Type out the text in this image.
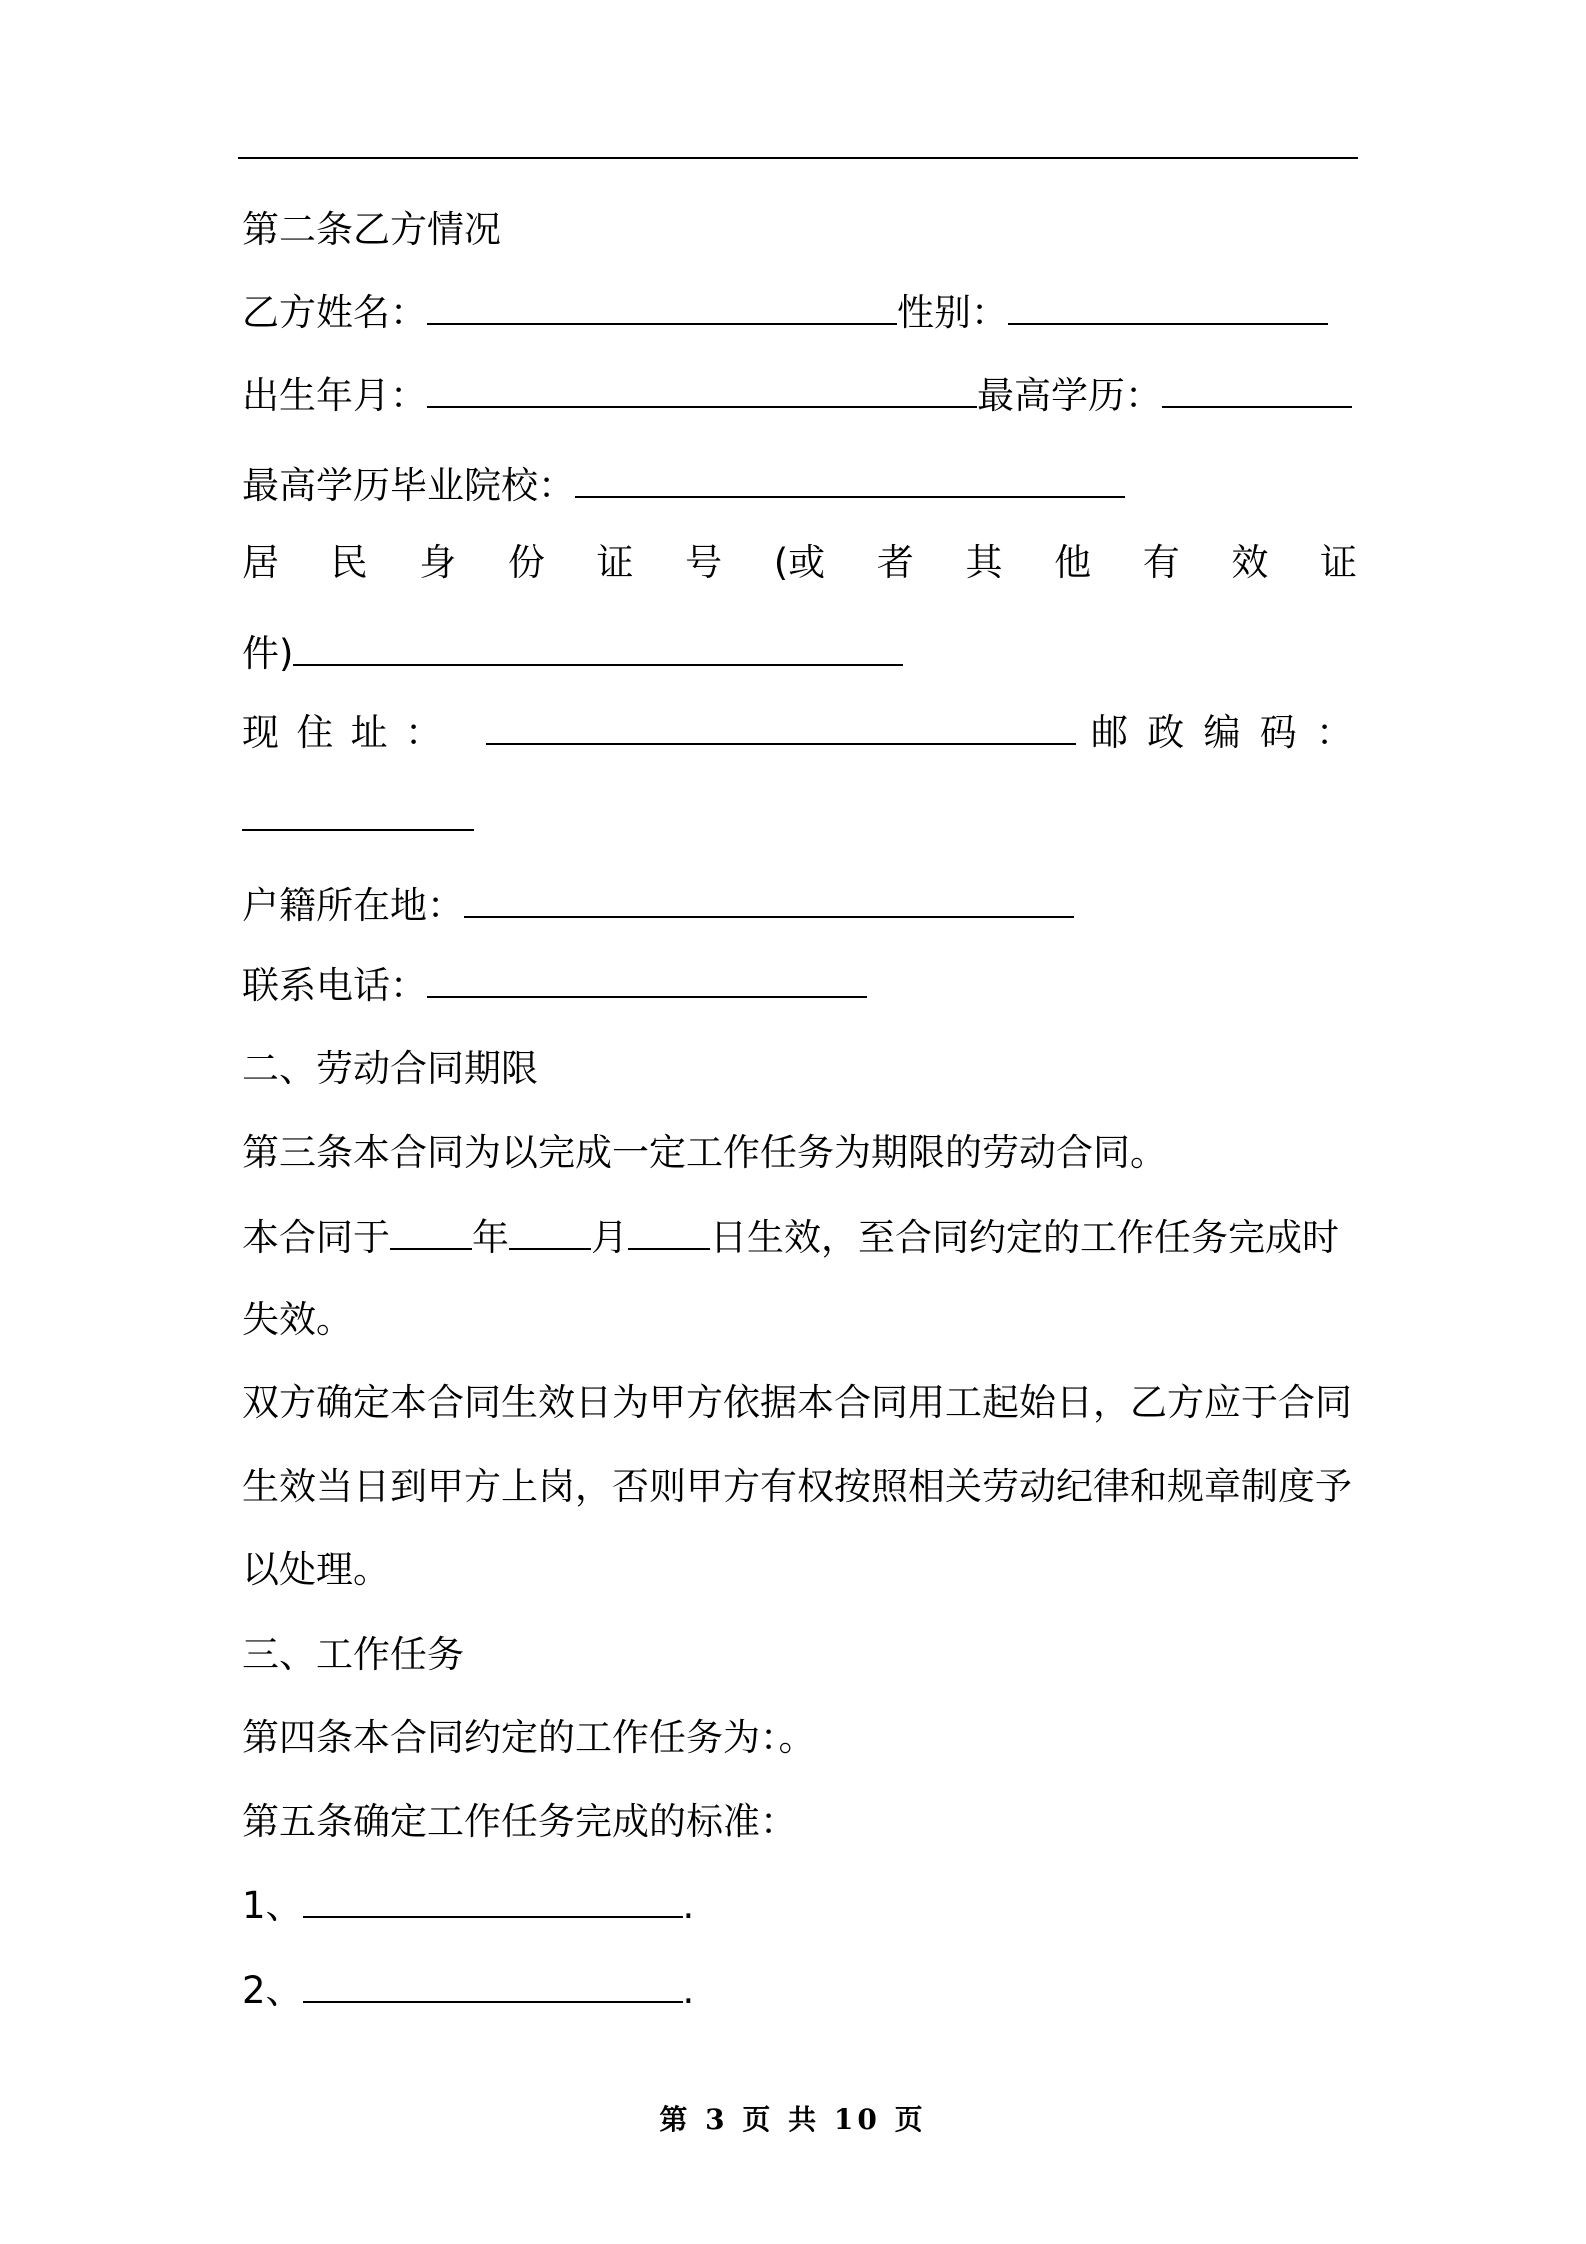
第二条乙方情况
乙方姓名：	性别：
出生年月：	最高学历：
最高学历毕业院校：
居 民 身 份 证 号 (或 者 其 他 有 效 证
件)
现 住 址 ：	邮 政 编 码 ：
户籍所在地：
联系电话：
二、劳动合同期限
第三条本合同为以完成一定工作任务为期限的劳动合同。
本合同于 年 月 日生效，至合同约定的工作任务完成时
失效。
双方确定本合同生效日为甲方依据本合同用工起始日，乙方应于合同
生效当日到甲方上岗，否则甲方有权按照相关劳动纪律和规章制度予
以处理。
三、工作任务
第四条本合同约定的工作任务为：。
第五条确定工作任务完成的标准：
1、	.
2、	.
第 3 页 共 10 页
